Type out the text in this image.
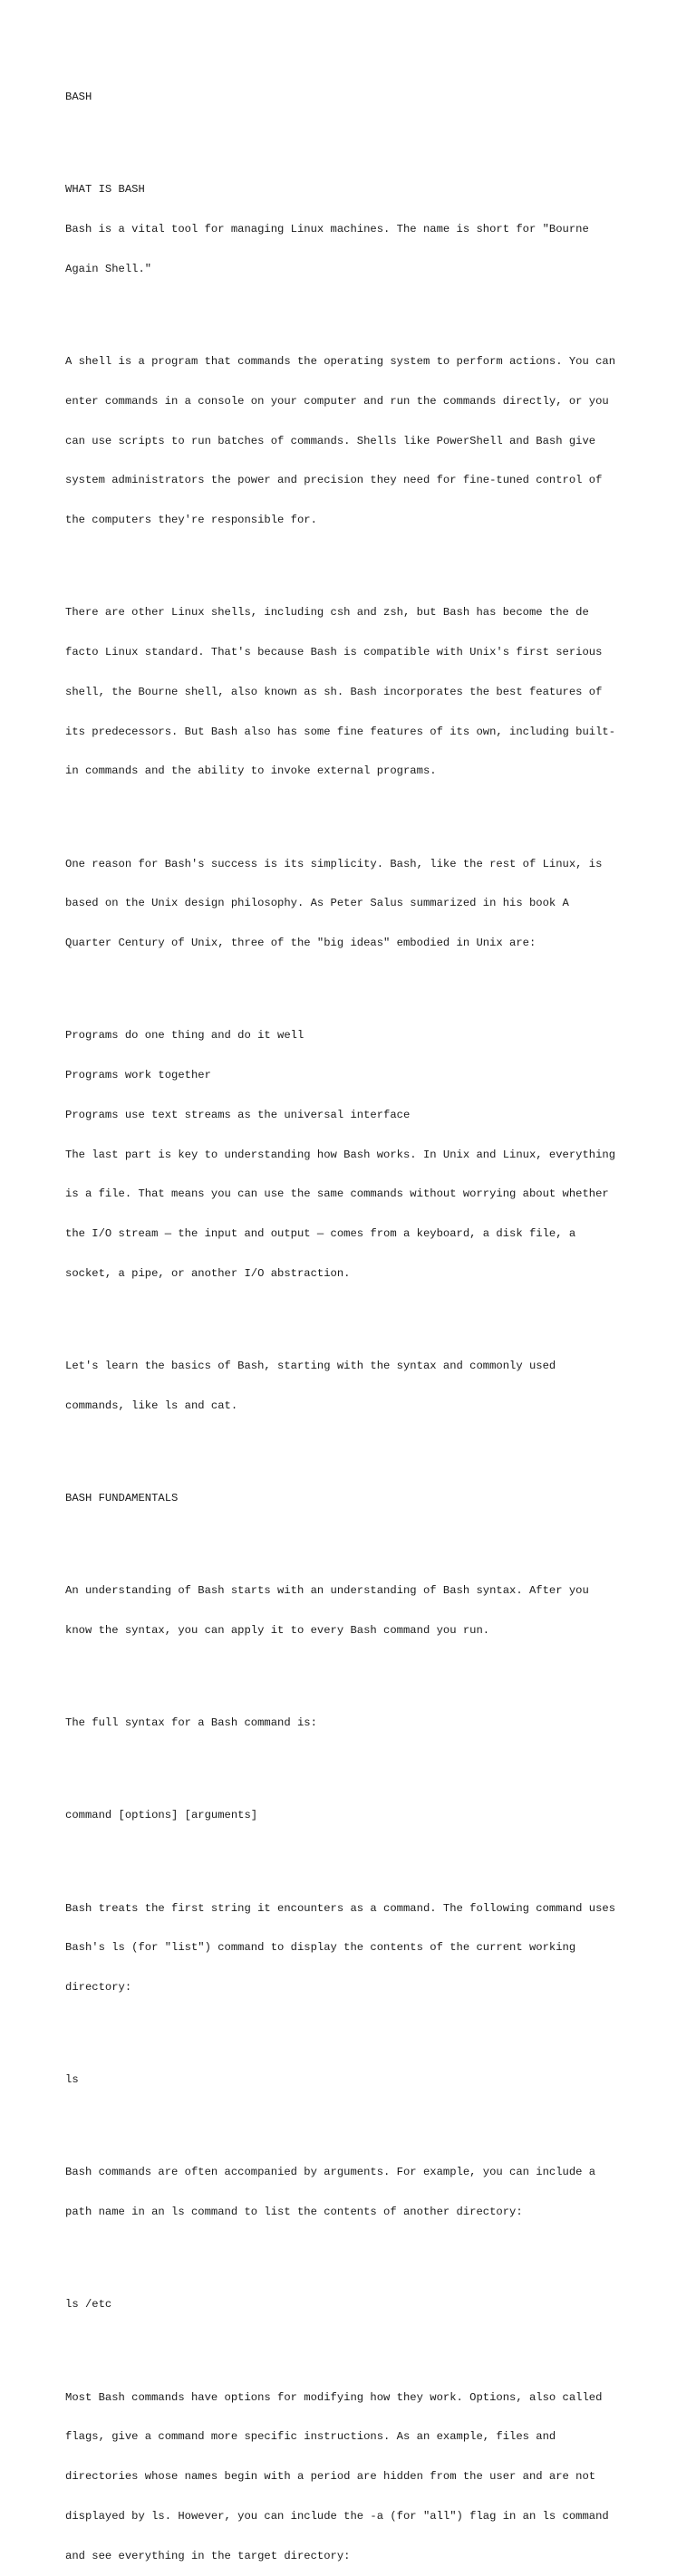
BASH

WHAT IS BASH

Bash is a vital tool for managing Linux machines. The name is short for "Bourne

Again Shell."

A shell is a program that commands the operating system to perform actions. You can

enter commands in a console on your computer and run the commands directly, or you

can use scripts to run batches of commands. Shells like PowerShell and Bash give

system administrators the power and precision they need for fine-tuned control of

the computers they're responsible for.

There are other Linux shells, including csh and zsh, but Bash has become the de

facto Linux standard. That's because Bash is compatible with Unix's first serious

shell, the Bourne shell, also known as sh. Bash incorporates the best features of

its predecessors. But Bash also has some fine features of its own, including built-

in commands and the ability to invoke external programs.

One reason for Bash's success is its simplicity. Bash, like the rest of Linux, is

based on the Unix design philosophy. As Peter Salus summarized in his book A

Quarter Century of Unix, three of the "big ideas" embodied in Unix are:

Programs do one thing and do it well

Programs work together

Programs use text streams as the universal interface

The last part is key to understanding how Bash works. In Unix and Linux, everything

is a file. That means you can use the same commands without worrying about whether

the I/O stream — the input and output — comes from a keyboard, a disk file, a

socket, a pipe, or another I/O abstraction.

Let's learn the basics of Bash, starting with the syntax and commonly used

commands, like ls and cat.

BASH FUNDAMENTALS

An understanding of Bash starts with an understanding of Bash syntax. After you

know the syntax, you can apply it to every Bash command you run.

The full syntax for a Bash command is:

command [options] [arguments]

Bash treats the first string it encounters as a command. The following command uses

Bash's ls (for "list") command to display the contents of the current working

directory:

ls

Bash commands are often accompanied by arguments. For example, you can include a

path name in an ls command to list the contents of another directory:

ls /etc

Most Bash commands have options for modifying how they work. Options, also called

flags, give a command more specific instructions. As an example, files and

directories whose names begin with a period are hidden from the user and are not

displayed by ls. However, you can include the -a (for "all") flag in an ls command

and see everything in the target directory:
